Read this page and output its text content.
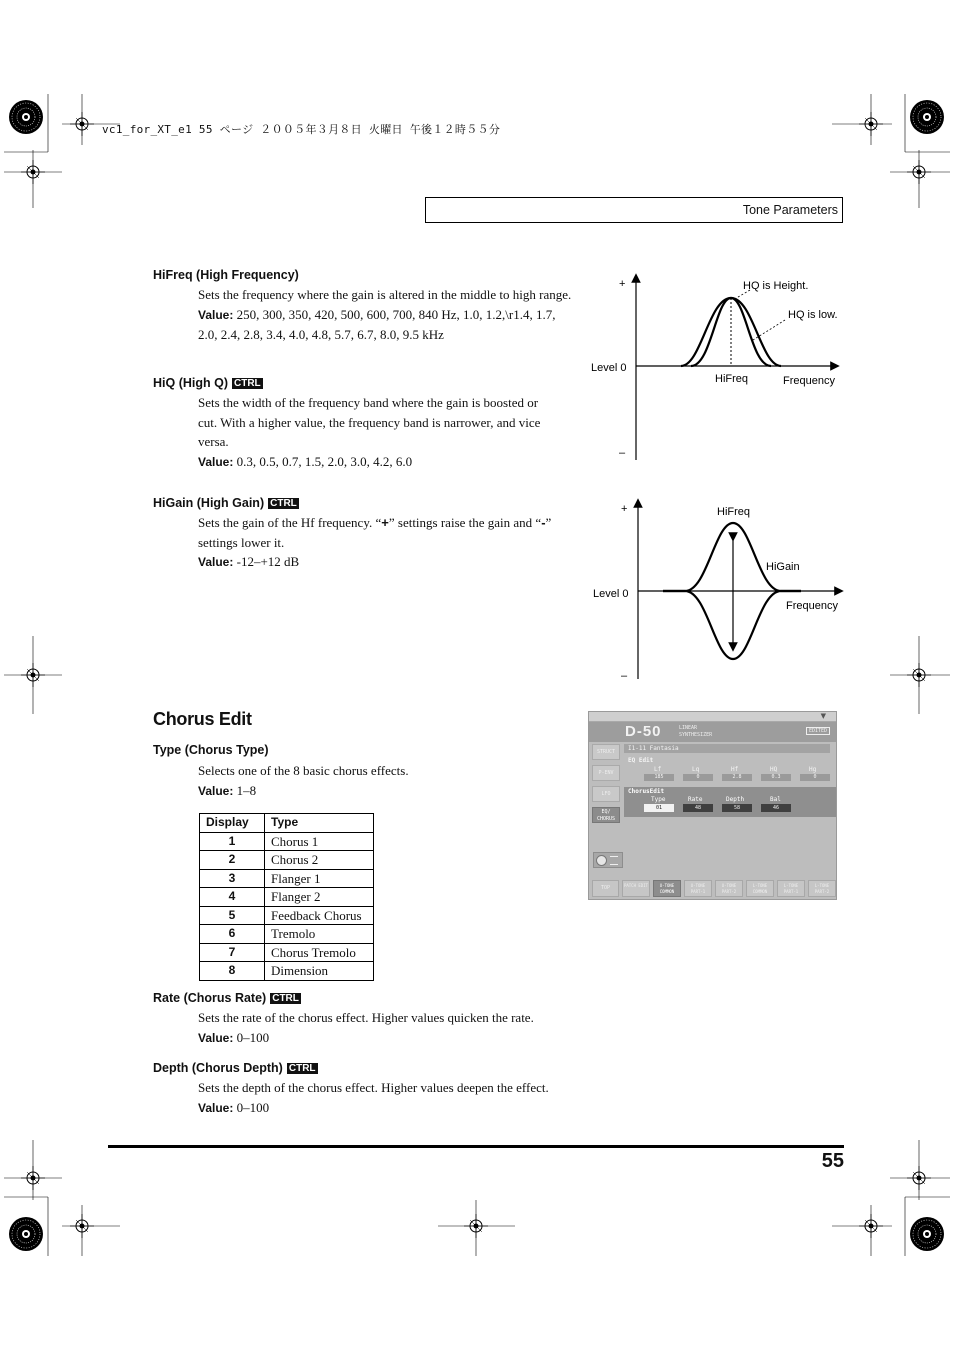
vc1_for_XT_e1 55 ページ ２００５年３月８日 火曜日 午後１２時５５分
Tone Parameters
HiFreq (High Frequency)
Sets the frequency where the gain is altered in the middle to high range.
Value: 250, 300, 350, 420, 500, 600, 700, 840 Hz, 1.0, 1.2,\r1.4, 1.7,
2.0, 2.4, 2.8, 3.4, 4.0, 4.8, 5.7, 6.7, 8.0, 9.5 kHz
HiQ (High Q) CTRL
Sets the width of the frequency band where the gain is boosted or
cut. With a higher value, the frequency band is narrower, and vice
versa.
Value: 0.3, 0.5, 0.7, 1.5, 2.0, 3.0, 4.2, 6.0
HiGain (High Gain) CTRL
Sets the gain of the Hf frequency. “+” settings raise the gain and “-” settings lower it.
Value: -12–+12 dB
+
–
Level 0
HQ is Height.
HQ is low.
HiFreq	Frequency
+
–
Level 0
HiFreq
HiGain
Frequency
Chorus Edit
Type (Chorus Type)
Selects one of the 8 basic chorus effects.
Value: 1–8
Display	Type
1	Chorus 1
2	Chorus 2
3	Flanger 1
4	Flanger 2
5	Feedback Chorus
6	Tremolo
7	Chorus Tremolo
8	Dimension
Rate (Chorus Rate) CTRL
Sets the rate of the chorus effect. Higher values quicken the rate.
Value: 0–100
Depth (Chorus Depth) CTRL
Sets the depth of the chorus effect. Higher values deepen the effect.
Value: 0–100
▼
D-50	LINEAR
SYNTHESIZER
EDITED
STRUCT
P-ENV
LFO
EQ/ CHORUS
I1-11 Fantasia
EQ Edit
Lf	Lq	Hf	HQ	Hg
185	0	2.8	0.3	0
ChorusEdit
Type	Rate	Depth	Bal
01	48	58	46
TOP	PATCH EDIT	U-TONE COMMON
U-TONE PART-1
U-TONE PART-2
L-TONE COMMON
L-TONE PART-1
L-TONE PART-2
55
